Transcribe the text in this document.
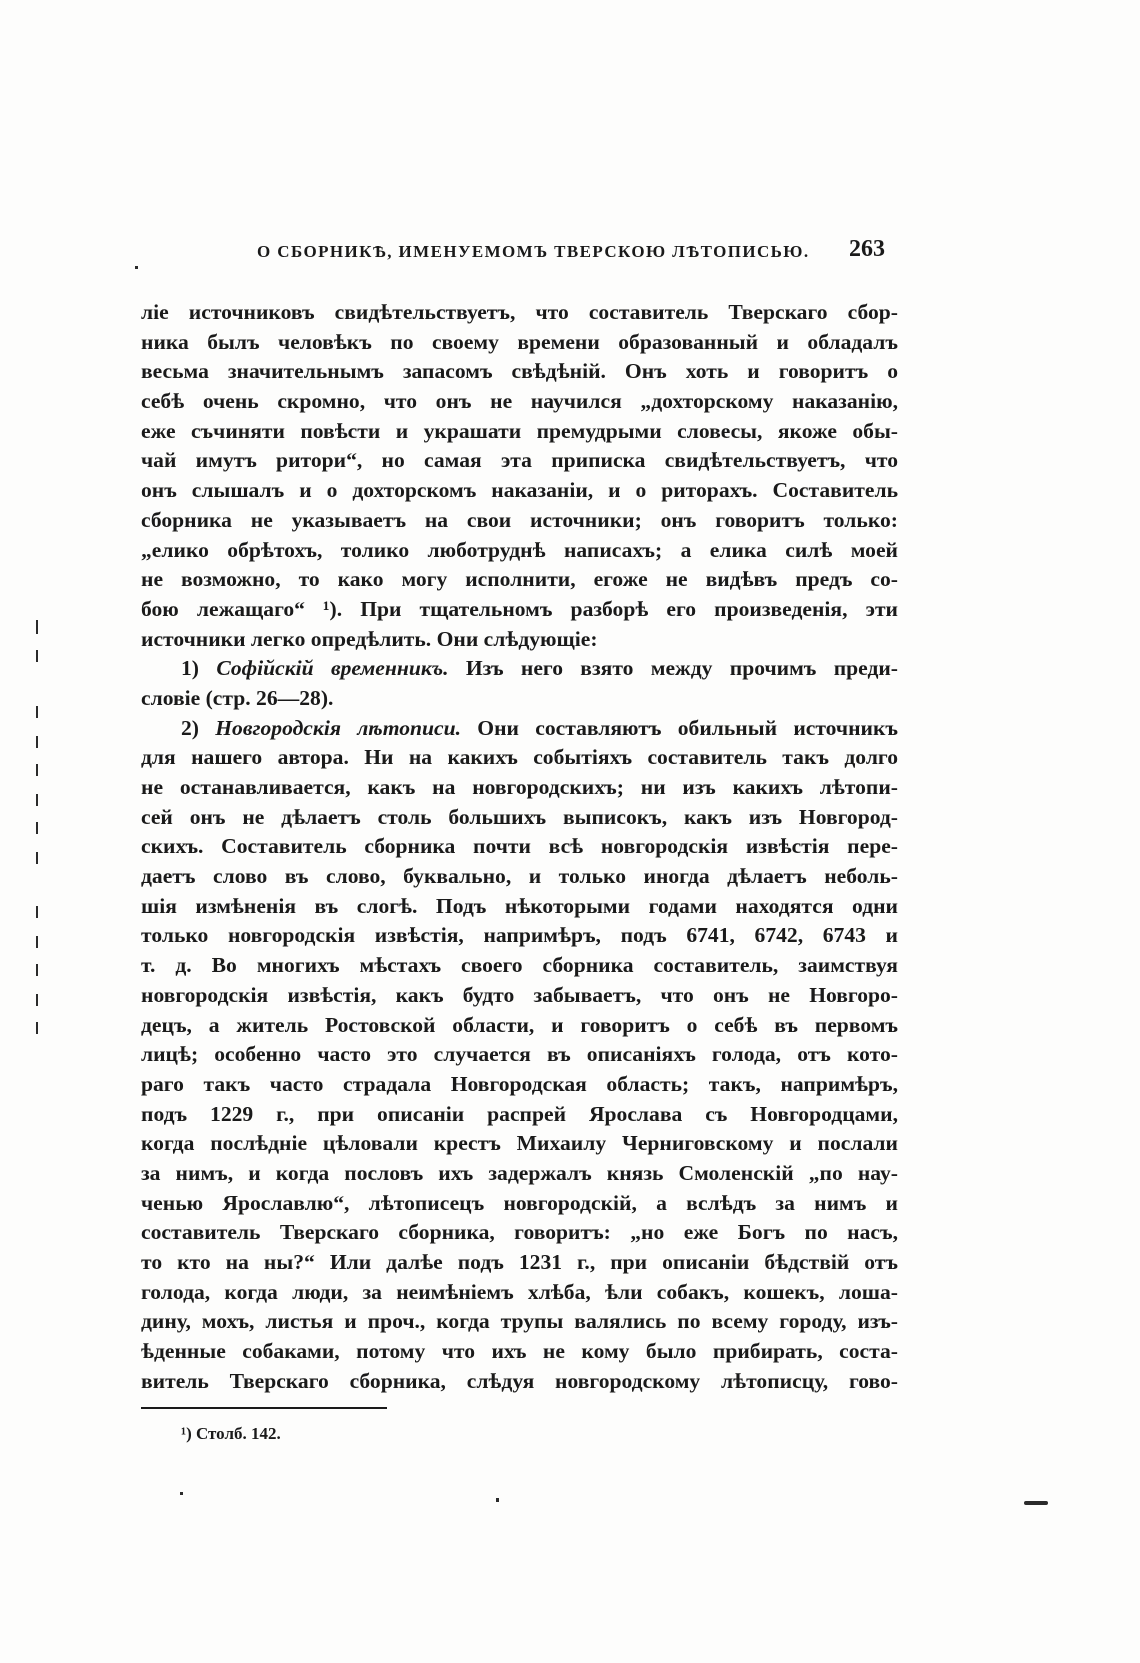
О СБОРНИКѢ, ИМЕНУЕМОМЪ ТВЕРСКОЮ ЛѢТОПИСЬЮ. 263
ліе источниковъ свидѣтельствуетъ, что составитель Тверскаго сбор-
ника былъ человѣкъ по своему времени образованный и обладалъ
весьма значительнымъ запасомъ свѣдѣній. Онъ хоть и говоритъ о
себѣ очень скромно, что онъ не научился „дохторскому наказанію,
еже съчиняти повѣсти и украшати премудрыми словесы, якоже обы-
чай имутъ ритори“, но самая эта приписка свидѣтельствуетъ, что
онъ слышалъ и о дохторскомъ наказаніи, и о риторахъ. Составитель
сборника не указываетъ на свои источники; онъ говоритъ только:
„елико обрѣтохъ, толико люботруднѣ написахъ; а елика силѣ моей
не возможно, то како могу исполнити, егоже не видѣвъ предъ со-
бою лежащаго“ ¹). При тщательномъ разборѣ его произведенія, эти
источники легко опредѣлить. Они слѣдующіе:
1) Софійскій временникъ. Изъ него взято между прочимъ преди-
словіе (стр. 26—28).
2) Новгородскія лѣтописи. Они составляютъ обильный источникъ
для нашего автора. Ни на какихъ событіяхъ составитель такъ долго
не останавливается, какъ на новгородскихъ; ни изъ какихъ лѣтопи-
сей онъ не дѣлаетъ столь большихъ выписокъ, какъ изъ Новгород-
скихъ. Составитель сборника почти всѣ новгородскія извѣстія пере-
даетъ слово въ слово, буквально, и только иногда дѣлаетъ неболь-
шія измѣненія въ слогѣ. Подъ нѣкоторыми годами находятся одни
только новгородскія извѣстія, напримѣръ, подъ 6741, 6742, 6743 и
т. д. Во многихъ мѣстахъ своего сборника составитель, заимствуя
новгородскія извѣстія, какъ будто забываетъ, что онъ не Новгоро-
децъ, а житель Ростовской области, и говоритъ о себѣ въ первомъ
лицѣ; особенно часто это случается въ описаніяхъ голода, отъ кото-
раго такъ часто страдала Новгородская область; такъ, напримѣръ,
подъ 1229 г., при описаніи распрей Ярослава съ Новгородцами,
когда послѣдніе цѣловали крестъ Михаилу Черниговскому и послали
за нимъ, и когда пословъ ихъ задержалъ князь Смоленскій „по нау-
ченью Ярославлю“, лѣтописецъ новгородскій, а вслѣдъ за нимъ и
составитель Тверскаго сборника, говоритъ: „но еже Богъ по насъ,
то кто на ны?“ Или далѣе подъ 1231 г., при описаніи бѣдствій отъ
голода, когда люди, за неимѣніемъ хлѣба, ѣли собакъ, кошекъ, лоша-
дину, мохъ, листья и проч., когда трупы валялись по всему городу, изъ-
ѣденные собаками, потому что ихъ не кому было прибирать, соста-
витель Тверскаго сборника, слѣдуя новгородскому лѣтописцу, гово-
¹) Столб. 142.
